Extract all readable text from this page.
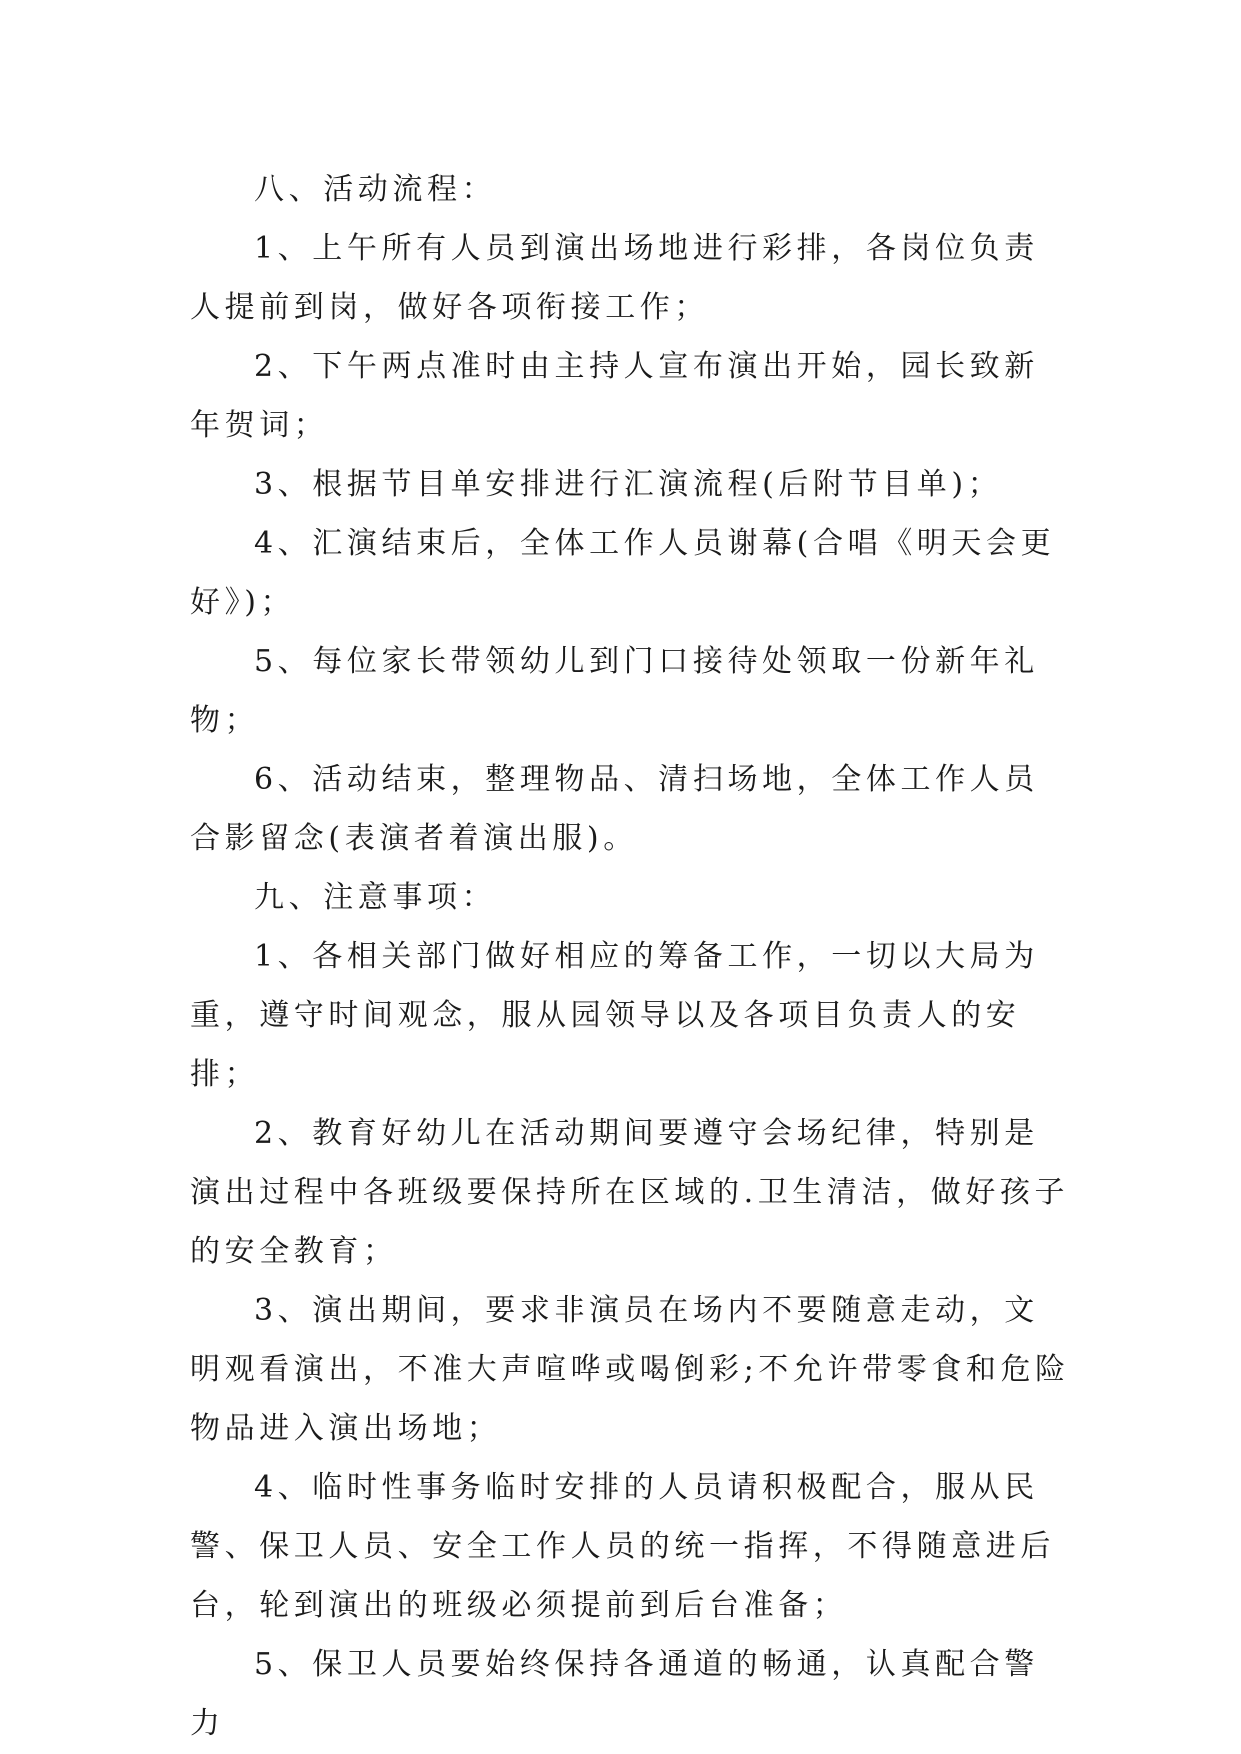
八、活动流程：

1、上午所有人员到演出场地进行彩排，各岗位负责人提前到岗，做好各项衔接工作；

2、下午两点准时由主持人宣布演出开始，园长致新年贺词；

3、根据节目单安排进行汇演流程(后附节目单)；

4、汇演结束后，全体工作人员谢幕(合唱《明天会更好》)；

5、每位家长带领幼儿到门口接待处领取一份新年礼物；

6、活动结束，整理物品、清扫场地，全体工作人员合影留念(表演者着演出服)。

九、注意事项：

1、各相关部门做好相应的筹备工作，一切以大局为重，遵守时间观念，服从园领导以及各项目负责人的安排；

2、教育好幼儿在活动期间要遵守会场纪律，特别是演出过程中各班级要保持所在区域的.卫生清洁，做好孩子的安全教育；

3、演出期间，要求非演员在场内不要随意走动，文明观看演出，不准大声喧哗或喝倒彩;不允许带零食和危险物品进入演出场地；

4、临时性事务临时安排的人员请积极配合，服从民警、保卫人员、安全工作人员的统一指挥，不得随意进后台，轮到演出的班级必须提前到后台准备；

5、保卫人员要始终保持各通道的畅通，认真配合警力
